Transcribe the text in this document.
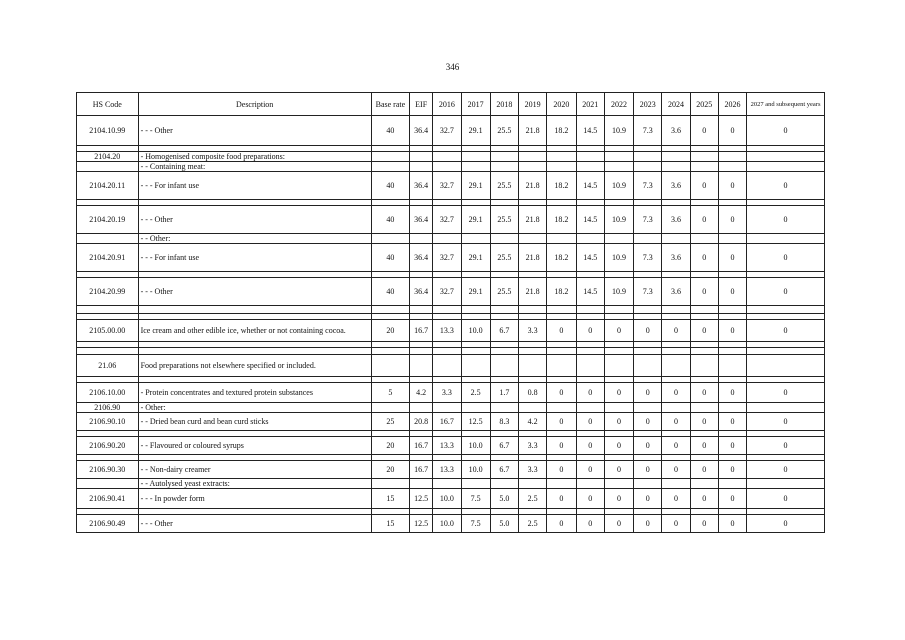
346
HS Code	Description	Base rate	EIF	2016	2017	2018	2019	2020	2021	2022	2023	2024	2025	2026	2027 and subsequent years
2104.10.99	- - - Other	40	36.4	32.7	29.1	25.5	21.8	18.2	14.5	10.9	7.3	3.6	0	0	0

2104.20	- Homogenised composite food preparations:														
	- - Containing meat:														
2104.20.11	- - - For infant use	40	36.4	32.7	29.1	25.5	21.8	18.2	14.5	10.9	7.3	3.6	0	0	0

2104.20.19	- - - Other	40	36.4	32.7	29.1	25.5	21.8	18.2	14.5	10.9	7.3	3.6	0	0	0
	- - Other:														
2104.20.91	- - - For infant use	40	36.4	32.7	29.1	25.5	21.8	18.2	14.5	10.9	7.3	3.6	0	0	0

2104.20.99	- - - Other	40	36.4	32.7	29.1	25.5	21.8	18.2	14.5	10.9	7.3	3.6	0	0	0

2105.00.00	Ice cream and other edible ice, whether or not containing cocoa.	20	16.7	13.3	10.0	6.7	3.3	0	0	0	0	0	0	0	0

21.06	Food preparations not elsewhere specified or included.														

2106.10.00	- Protein concentrates and textured protein substances	5	4.2	3.3	2.5	1.7	0.8	0	0	0	0	0	0	0	0
2106.90	- Other:														
2106.90.10	- - Dried bean curd and bean curd sticks	25	20.8	16.7	12.5	8.3	4.2	0	0	0	0	0	0	0	0

2106.90.20	- - Flavoured or coloured syrups	20	16.7	13.3	10.0	6.7	3.3	0	0	0	0	0	0	0	0

2106.90.30	- - Non-dairy creamer	20	16.7	13.3	10.0	6.7	3.3	0	0	0	0	0	0	0	0
	- - Autolysed yeast extracts:														
2106.90.41	- - - In powder form	15	12.5	10.0	7.5	5.0	2.5	0	0	0	0	0	0	0	0

2106.90.49	- - - Other	15	12.5	10.0	7.5	5.0	2.5	0	0	0	0	0	0	0	0
